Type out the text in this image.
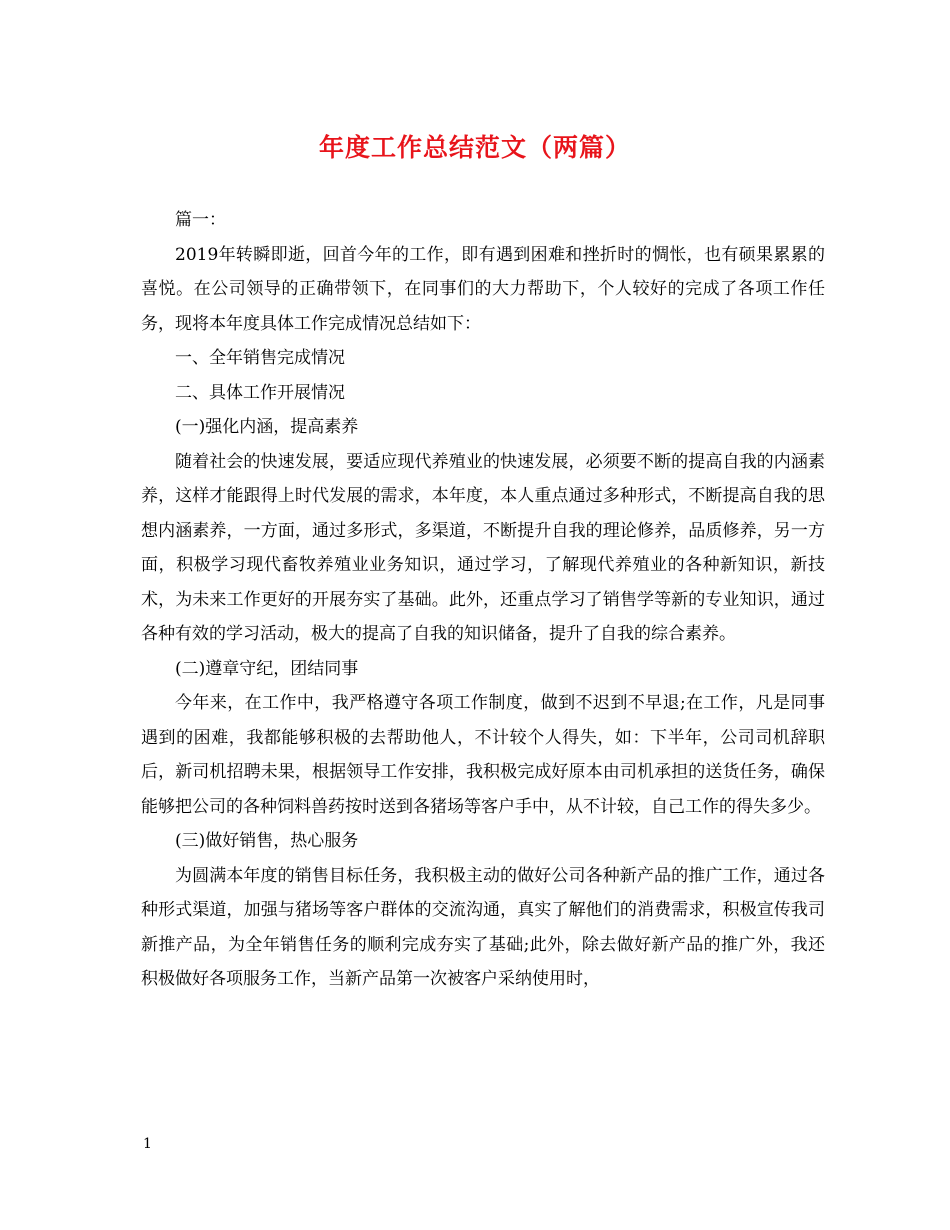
年度工作总结范文（两篇）

篇一：

2019年转瞬即逝，回首今年的工作，即有遇到困难和挫折时的惆怅，也有硕果累累的喜悦。在公司领导的正确带领下，在同事们的大力帮助下，个人较好的完成了各项工作任务，现将本年度具体工作完成情况总结如下：

一、全年销售完成情况

二、具体工作开展情况

(一)强化内涵，提高素养

随着社会的快速发展，要适应现代养殖业的快速发展，必须要不断的提高自我的内涵素养，这样才能跟得上时代发展的需求，本年度，本人重点通过多种形式，不断提高自我的思想内涵素养，一方面，通过多形式，多渠道，不断提升自我的理论修养，品质修养，另一方面，积极学习现代畜牧养殖业业务知识，通过学习，了解现代养殖业的各种新知识，新技术，为未来工作更好的开展夯实了基础。此外，还重点学习了销售学等新的专业知识，通过各种有效的学习活动，极大的提高了自我的知识储备，提升了自我的综合素养。

(二)遵章守纪，团结同事

今年来，在工作中，我严格遵守各项工作制度，做到不迟到不早退;在工作，凡是同事遇到的困难，我都能够积极的去帮助他人，不计较个人得失，如：下半年，公司司机辞职后，新司机招聘未果，根据领导工作安排，我积极完成好原本由司机承担的送货任务，确保能够把公司的各种饲料兽药按时送到各猪场等客户手中，从不计较，自己工作的得失多少。

(三)做好销售，热心服务

为圆满本年度的销售目标任务，我积极主动的做好公司各种新产品的推广工作，通过各种形式渠道，加强与猪场等客户群体的交流沟通，真实了解他们的消费需求，积极宣传我司新推产品，为全年销售任务的顺利完成夯实了基础;此外，除去做好新产品的推广外，我还积极做好各项服务工作，当新产品第一次被客户采纳使用时，

1
